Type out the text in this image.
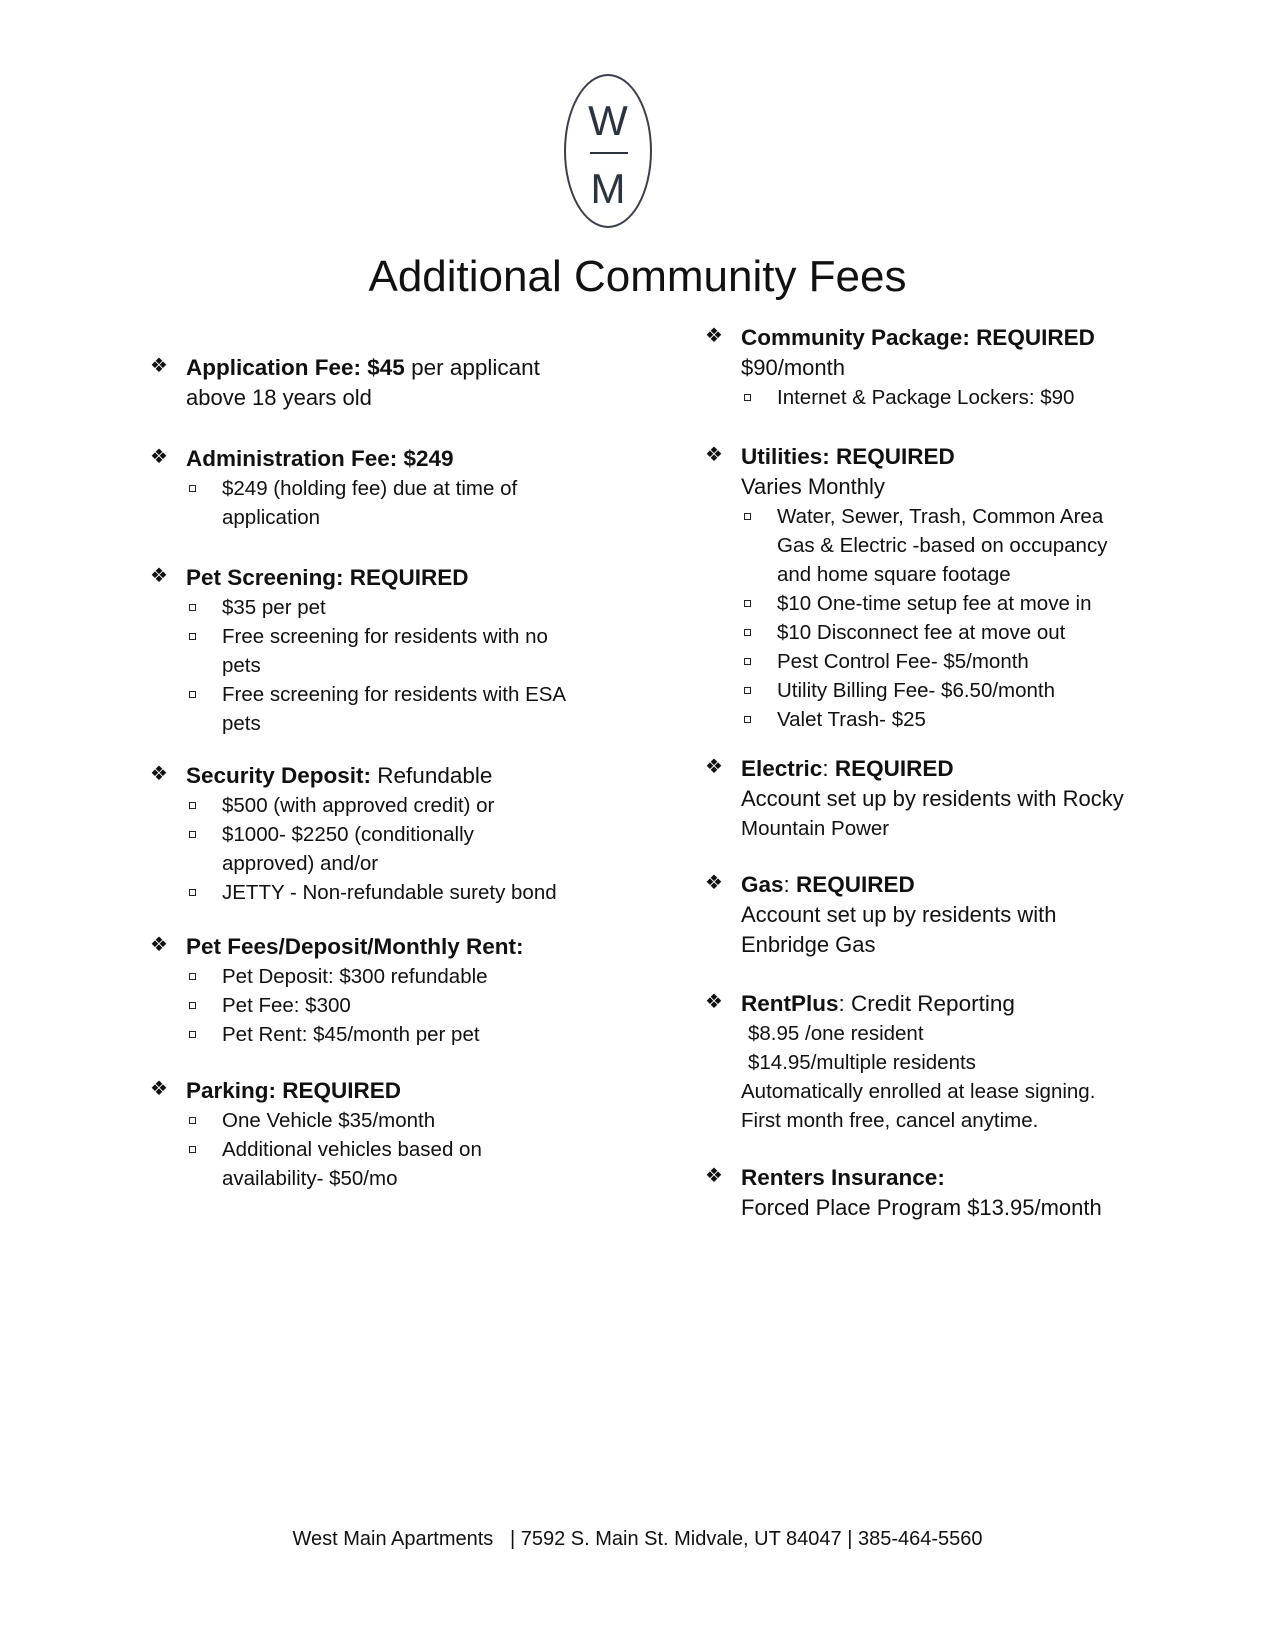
W
M
Additional Community Fees

❖ Application Fee: $45 per applicant

above 18 years old

❖ Administration Fee: $249

$249 (holding fee) due at time of application

❖ Pet Screening: REQUIRED

$35 per pet
Free screening for residents with no pets
Free screening for residents with ESA pets

❖ Security Deposit: Refundable

$500 (with approved credit) or
$1000- $2250 (conditionally approved) and/or
JETTY - Non-refundable surety bond

❖ Pet Fees/Deposit/Monthly Rent:

Pet Deposit: $300 refundable
Pet Fee: $300
Pet Rent: $45/month per pet

❖ Parking: REQUIRED

One Vehicle $35/month
Additional vehicles based on availability- $50/mo

❖ Community Package: REQUIRED

$90/month

Internet & Package Lockers: $90

❖ Utilities: REQUIRED

Varies Monthly

Water, Sewer, Trash, Common Area Gas & Electric -based on occupancy and home square footage
$10 One-time setup fee at move in
$10 Disconnect fee at move out
Pest Control Fee- $5/month
Utility Billing Fee- $6.50/month
Valet Trash- $25

❖ Electric: REQUIRED

Account set up by residents with Rocky

Mountain Power

❖ Gas: REQUIRED

Account set up by residents with

Enbridge Gas

❖ RentPlus: Credit Reporting

$8.95 /one resident

$14.95/multiple residents

Automatically enrolled at lease signing.

First month free, cancel anytime.

❖ Renters Insurance:

Forced Place Program $13.95/month

West Main Apartments   | 7592 S. Main St. Midvale, UT 84047 | 385-464-5560
